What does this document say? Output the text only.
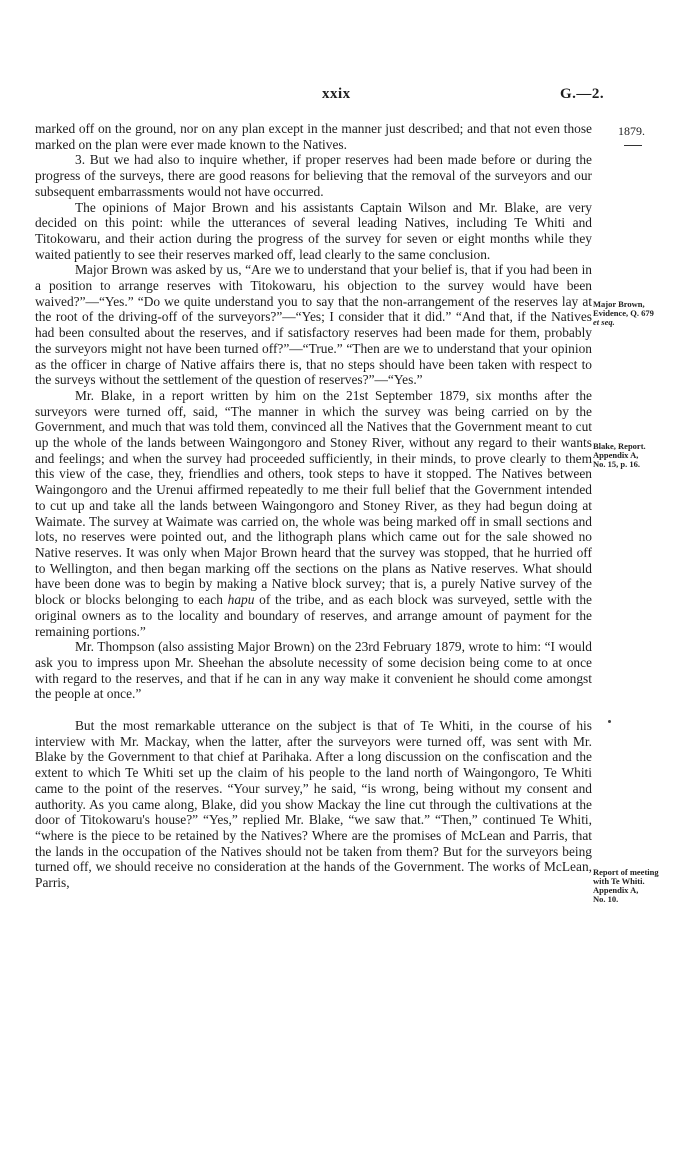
xxix	G.—2.
1879.

marked off on the ground, nor on any plan except in the manner just described; and that not even those marked on the plan were ever made known to the Natives.

3. But we had also to inquire whether, if proper reserves had been made before or during the progress of the surveys, there are good reasons for believing that the removal of the surveyors and our subsequent embarrassments would not have occurred.

The opinions of Major Brown and his assistants Captain Wilson and Mr. Blake, are very decided on this point: while the utterances of several leading Natives, including Te Whiti and Titokowaru, and their action during the progress of the survey for seven or eight months while they waited patiently to see their reserves marked off, lead clearly to the same conclusion.

Major Brown was asked by us, “Are we to understand that your belief is, that if you had been in a position to arrange reserves with Titokowaru, his objection to the survey would have been waived?”—“Yes.” “Do we quite understand you to say that the non-arrangement of the reserves lay at the root of the driving-off of the surveyors?”—“Yes; I consider that it did.” “And that, if the Natives had been consulted about the reserves, and if satisfactory reserves had been made for them, probably the surveyors might not have been turned off?”—“True.” “Then are we to understand that your opinion as the officer in charge of Native affairs there is, that no steps should have been taken with respect to the surveys without the settlement of the question of reserves?”—“Yes.”

Mr. Blake, in a report written by him on the 21st September 1879, six months after the surveyors were turned off, said, “The manner in which the survey was being carried on by the Government, and much that was told them, convinced all the Natives that the Government meant to cut up the whole of the lands between Waingongoro and Stoney River, without any regard to their wants and feelings; and when the survey had proceeded sufficiently, in their minds, to prove clearly to them this view of the case, they, friendlies and others, took steps to have it stopped. The Natives between Waingongoro and the Urenui affirmed repeatedly to me their full belief that the Government intended to cut up and take all the lands between Waingongoro and Stoney River, as they had begun doing at Waimate. The survey at Waimate was carried on, the whole was being marked off in small sections and lots, no reserves were pointed out, and the lithograph plans which came out for the sale showed no Native reserves. It was only when Major Brown heard that the survey was stopped, that he hurried off to Wellington, and then began marking off the sections on the plans as Native reserves. What should have been done was to begin by making a Native block survey; that is, a purely Native survey of the block or blocks belonging to each hapu of the tribe, and as each block was surveyed, settle with the original owners as to the locality and boundary of reserves, and arrange amount of payment for the remaining portions.”

Mr. Thompson (also assisting Major Brown) on the 23rd February 1879, wrote to him: “I would ask you to impress upon Mr. Sheehan the absolute necessity of some decision being come to at once with regard to the reserves, and that if he can in any way make it convenient he should come amongst the people at once.”

But the most remarkable utterance on the subject is that of Te Whiti, in the course of his interview with Mr. Mackay, when the latter, after the surveyors were turned off, was sent with Mr. Blake by the Government to that chief at Parihaka. After a long discussion on the confiscation and the extent to which Te Whiti set up the claim of his people to the land north of Waingongoro, Te Whiti came to the point of the reserves. “Your survey,” he said, “is wrong, being without my consent and authority. As you came along, Blake, did you show Mackay the line cut through the cultivations at the door of Titokowaru's house?” “Yes,” replied Mr. Blake, “we saw that.” “Then,” continued Te Whiti, “where is the piece to be retained by the Natives? Where are the promises of McLean and Parris, that the lands in the occupation of the Natives should not be taken from them? But for the surveyors being turned off, we should receive no consideration at the hands of the Government. The works of McLean, Parris,

Major Brown,
Evidence, Q. 679
et seq.
Blake, Report.
Appendix A,
No. 15, p. 16.
Report of meeting
with Te Whiti.
Appendix A,
No. 10.
